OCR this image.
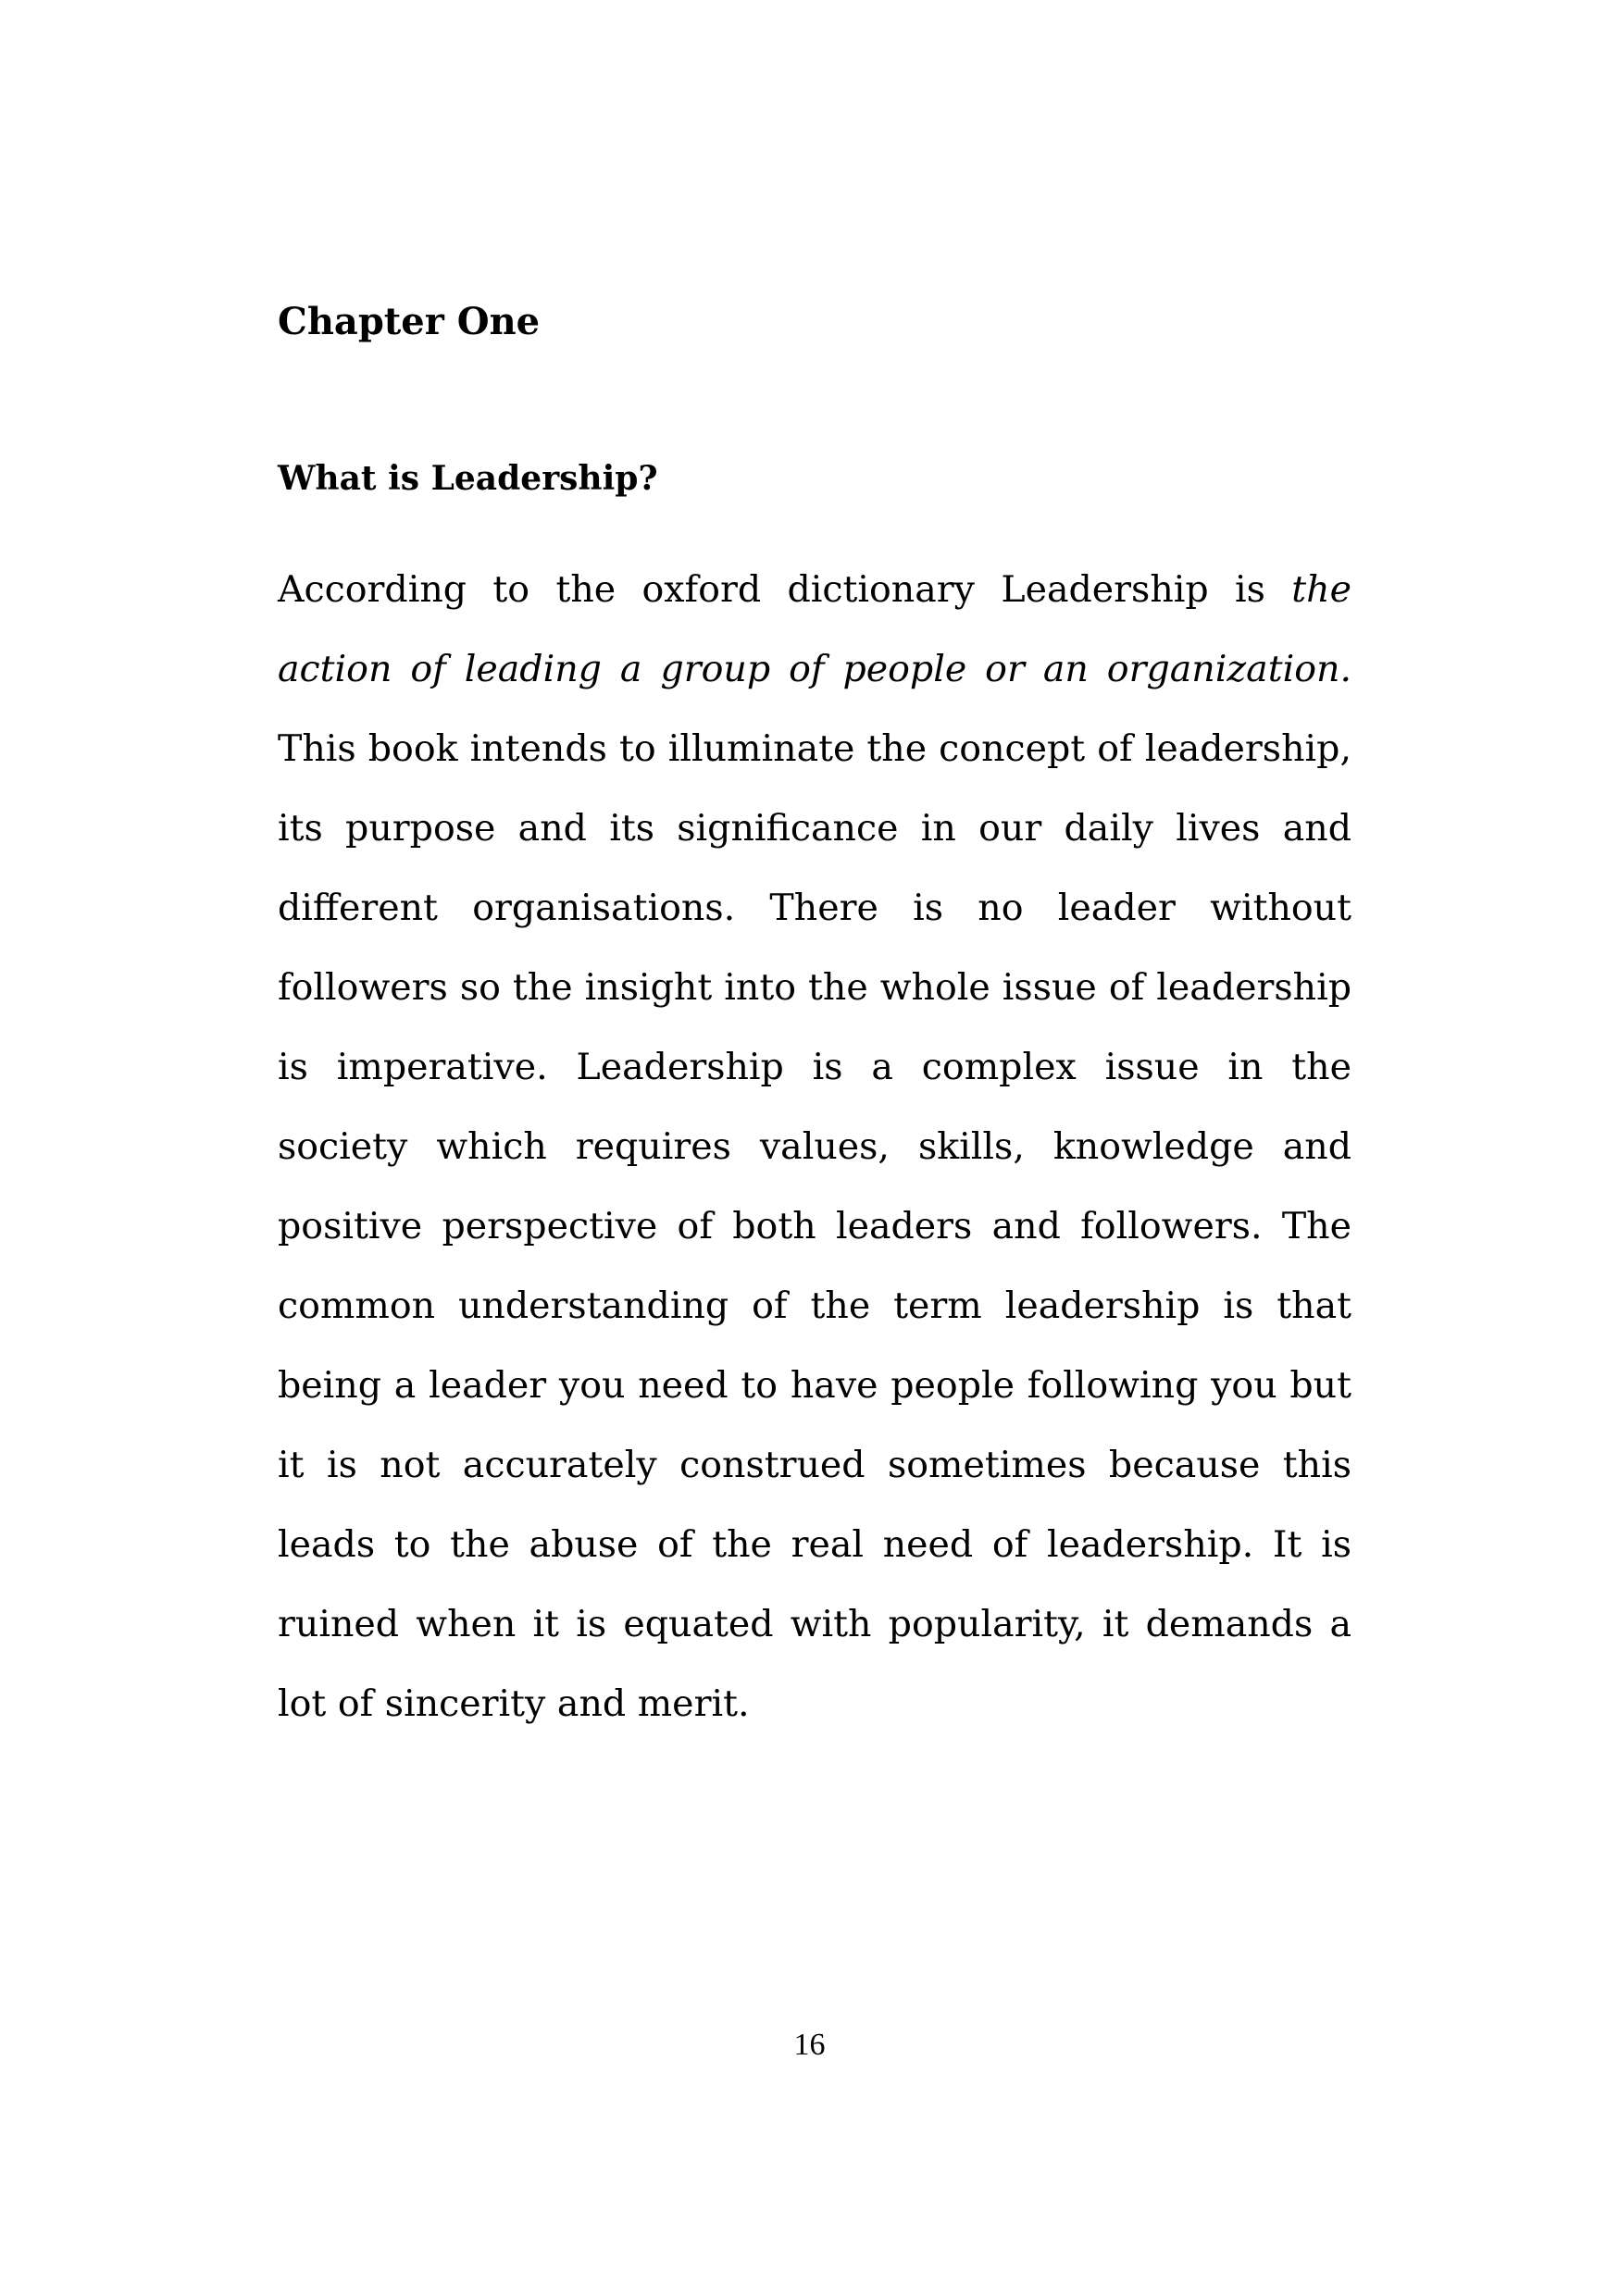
Chapter One
What is Leadership?

According to the oxford dictionary Leadership is the action of leading a group of people or an organization. This book intends to illuminate the concept of leadership, its purpose and its significance in our daily lives and different organisations. There is no leader without followers so the insight into the whole issue of leadership is imperative. Leadership is a complex issue in the society which requires values, skills, knowledge and positive perspective of both leaders and followers. The common understanding of the term leadership is that being a leader you need to have people following you but it is not accurately construed sometimes because this leads to the abuse of the real need of leadership. It is ruined when it is equated with popularity, it demands a lot of sincerity and merit.

16
